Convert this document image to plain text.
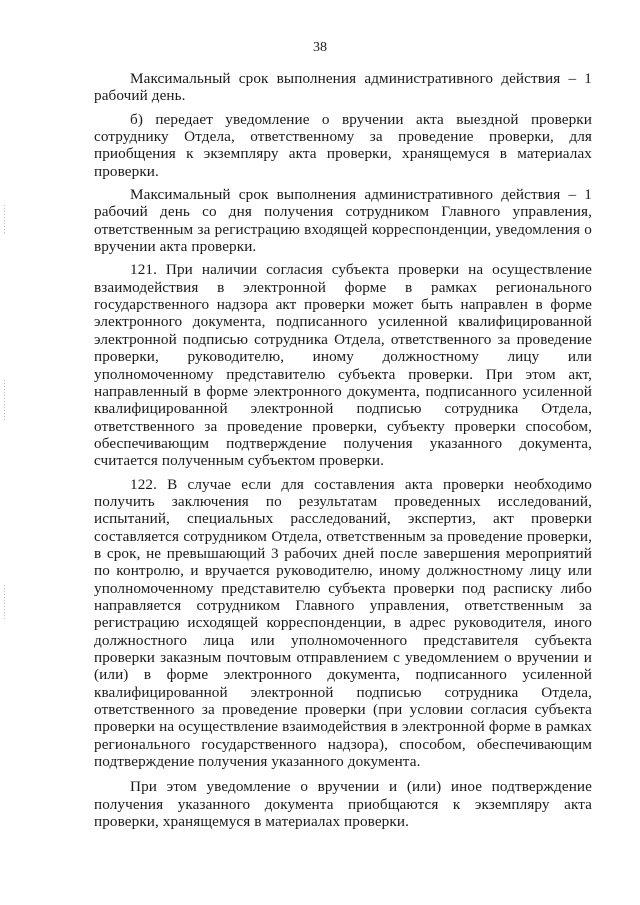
38

Максимальный срок выполнения административного действия – 1 рабочий день.

б) передает уведомление о вручении акта выездной проверки сотруднику Отдела, ответственному за проведение проверки, для приобщения к экземпляру акта проверки, хранящемуся в материалах проверки.

Максимальный срок выполнения административного действия – 1 рабочий день со дня получения сотрудником Главного управления, ответственным за регистрацию входящей корреспонденции, уведомления о вручении акта проверки.

121. При наличии согласия субъекта проверки на осуществление взаимодействия в электронной форме в рамках регионального государственного надзора акт проверки может быть направлен в форме электронного документа, подписанного усиленной квалифицированной электронной подписью сотрудника Отдела, ответственного за проведение проверки, руководителю, иному должностному лицу или уполномоченному представителю субъекта проверки. При этом акт, направленный в форме электронного документа, подписанного усиленной квалифицированной электронной подписью сотрудника Отдела, ответственного за проведение проверки, субъекту проверки способом, обеспечивающим подтверждение получения указанного документа, считается полученным субъектом проверки.

122. В случае если для составления акта проверки необходимо получить заключения по результатам проведенных исследований, испытаний, специальных расследований, экспертиз, акт проверки составляется сотрудником Отдела, ответственным за проведение проверки, в срок, не превышающий 3 рабочих дней после завершения мероприятий по контролю, и вручается руководителю, иному должностному лицу или уполномоченному представителю субъекта проверки под расписку либо направляется сотрудником Главного управления, ответственным за регистрацию исходящей корреспонденции, в адрес руководителя, иного должностного лица или уполномоченного представителя субъекта проверки заказным почтовым отправлением с уведомлением о вручении и (или) в форме электронного документа, подписанного усиленной квалифицированной электронной подписью сотрудника Отдела, ответственного за проведение проверки (при условии согласия субъекта проверки на осуществление взаимодействия в электронной форме в рамках регионального государственного надзора), способом, обеспечивающим подтверждение получения указанного документа.

При этом уведомление о вручении и (или) иное подтверждение получения указанного документа приобщаются к экземпляру акта проверки, хранящемуся в материалах проверки.
